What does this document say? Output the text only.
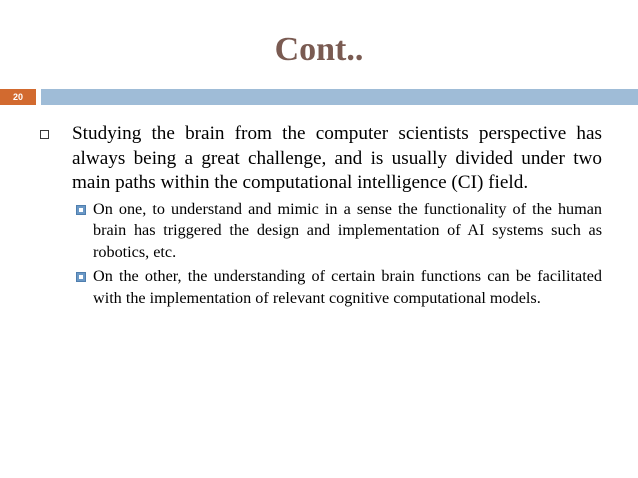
Cont..
20
Studying the brain from the computer scientists perspective has always being a great challenge, and is usually divided under two main paths within the computational intelligence (CI) field.
On one, to understand and mimic in a sense the functionality of the human brain has triggered the design and implementation of AI systems such as robotics, etc.
On the other, the understanding of certain brain functions can be facilitated with the implementation of relevant cognitive computational models.
